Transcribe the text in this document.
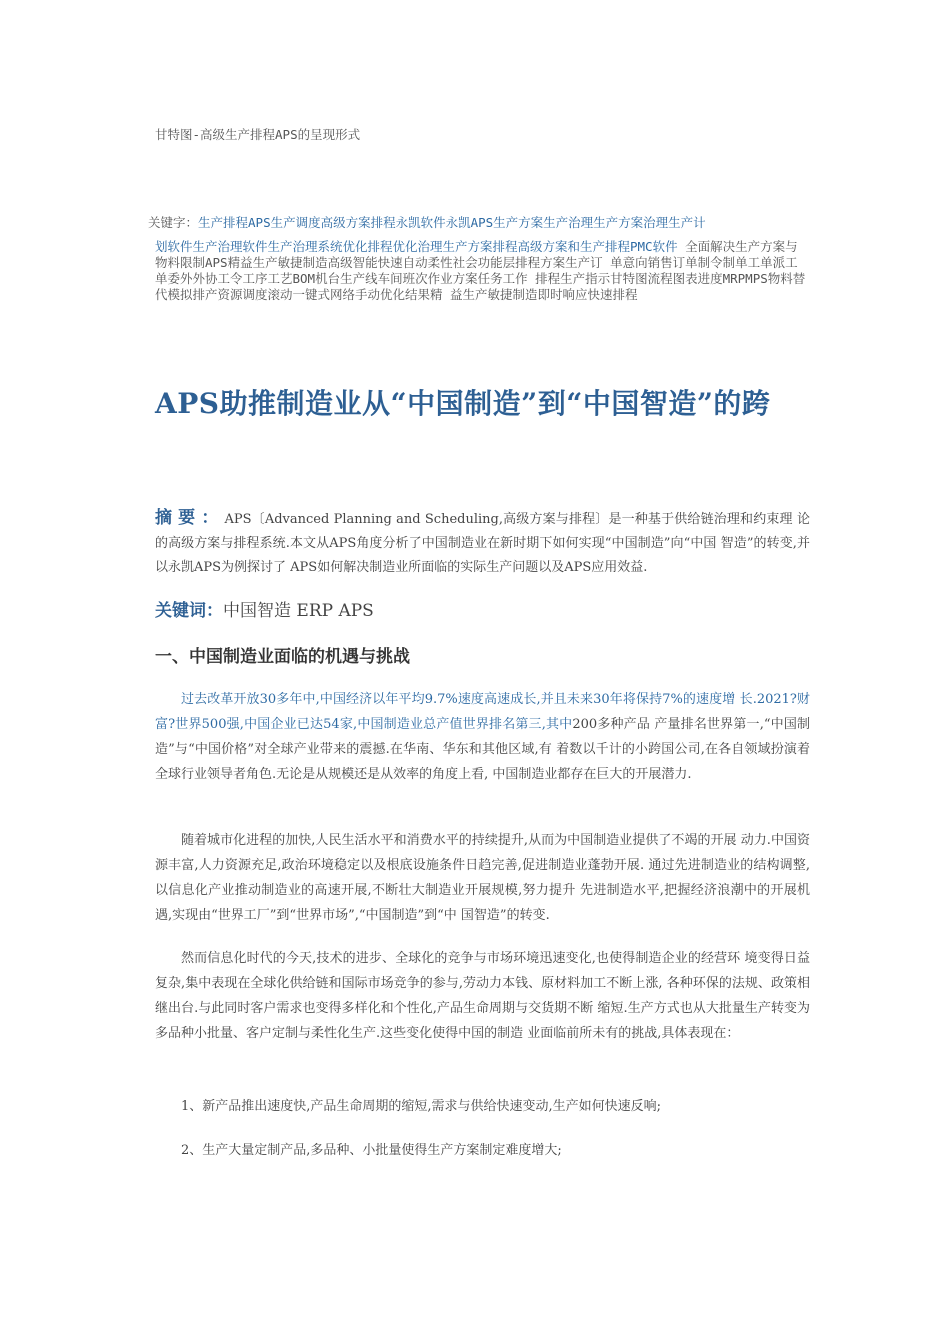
甘特图-高级生产排程APS的呈现形式
关键字：生产排程APS生产调度高级方案排程永凯软件永凯APS生产方案生产治理生产方案治理生产计
划软件生产治理软件生产治理系统优化排程优化治理生产方案排程高级方案和生产排程PMC软件 全面解决生产方案与物料限制APS精益生产敏捷制造高级智能快速自动柔性社会功能层排程方案生产订 单意向销售订单制令制单工单派工单委外外协工令工序工艺BOM机台生产线车间班次作业方案任务工作 排程生产指示甘特图流程图表进度MRPMPS物料替代模拟排产资源调度滚动一键式网络手动优化结果精 益生产敏捷制造即时响应快速排程
APS助推制造业从“中国制造”到“中国智造”的跨
摘要：APS〔Advanced Planning and Scheduling,高级方案与排程〕是一种基于供给链治理和约束理 论的高级方案与排程系统.本文从APS角度分析了中国制造业在新时期下如何实现“中国制造”向“中国 智造”的转变,并以永凯APS为例探讨了 APS如何解决制造业所面临的实际生产问题以及APS应用效益.
关键词：中国智造 ERP APS
一、中国制造业面临的机遇与挑战
过去改革开放30多年中,中国经济以年平均9.7%速度高速成长,并且未来30年将保持7%的速度增 长.2021?财富?世界500强,中国企业已达54家,中国制造业总产值世界排名第三,其中200多种产品 产量排名世界第一,“中国制造”与“中国价格”对全球产业带来的震撼.在华南、华东和其他区域,有 着数以千计的小跨国公司,在各自领域扮演着全球行业领导者角色.无论是从规模还是从效率的角度上看, 中国制造业都存在巨大的开展潜力.
随着城市化进程的加快,人民生活水平和消费水平的持续提升,从而为中国制造业提供了不竭的开展 动力.中国资源丰富,人力资源充足,政治环境稳定以及根底设施条件日趋完善,促进制造业蓬勃开展. 通过先进制造业的结构调整,以信息化产业推动制造业的高速开展,不断壮大制造业开展规模,努力提升 先进制造水平,把握经济浪潮中的开展机遇,实现由“世界工厂”到“世界市场”,“中国制造”到“中 国智造”的转变.
然而信息化时代的今天,技术的进步、全球化的竞争与市场环境迅速变化,也使得制造企业的经营环 境变得日益复杂,集中表现在全球化供给链和国际市场竞争的参与,劳动力本钱、原材料加工不断上涨, 各种环保的法规、政策相继出台.与此同时客户需求也变得多样化和个性化,产品生命周期与交货期不断 缩短.生产方式也从大批量生产转变为多品种小批量、客户定制与柔性化生产.这些变化使得中国的制造 业面临前所未有的挑战,具体表现在：
1、新产品推出速度快,产品生命周期的缩短,需求与供给快速变动,生产如何快速反响;
2、生产大量定制产品,多品种、小批量使得生产方案制定难度增大;
